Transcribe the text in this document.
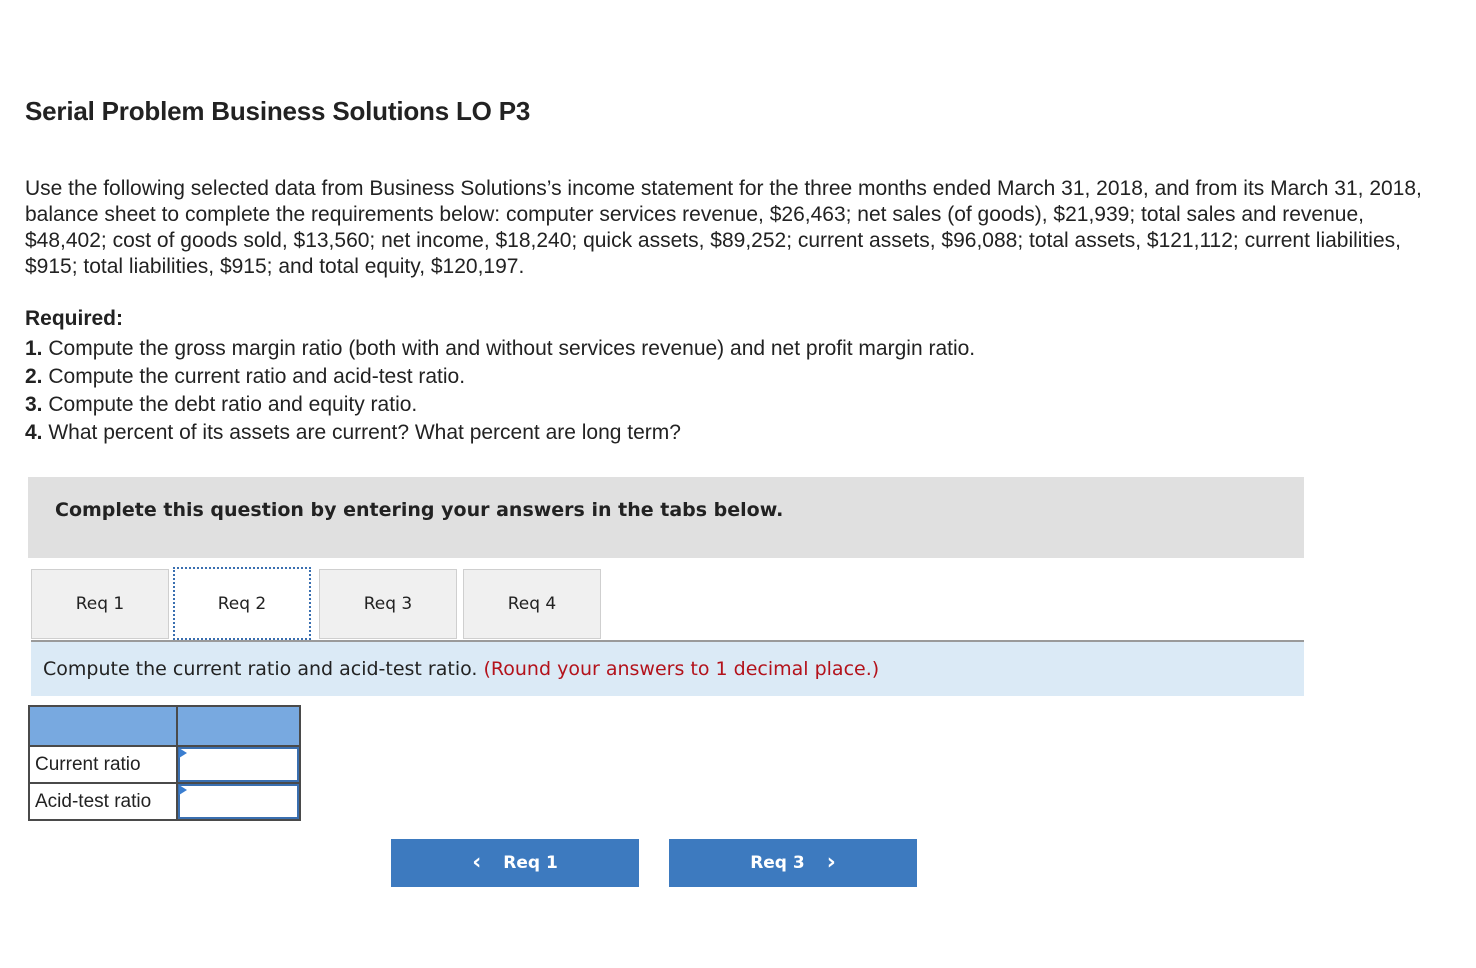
Serial Problem Business Solutions LO P3

Use the following selected data from Business Solutions’s income statement for the three months ended March 31, 2018, and from its March 31, 2018, balance sheet to complete the requirements below: computer services revenue, $26,463; net sales (of goods), $21,939; total sales and revenue, $48,402; cost of goods sold, $13,560; net income, $18,240; quick assets, $89,252; current assets, $96,088; total assets, $121,112; current liabilities, $915; total liabilities, $915; and total equity, $120,197.

Required:

1. Compute the gross margin ratio (both with and without services revenue) and net profit margin ratio.
2. Compute the current ratio and acid-test ratio.
3. Compute the debt ratio and equity ratio.
4. What percent of its assets are current? What percent are long term?

Complete this question by entering your answers in the tabs below.

Req 1	Req 2	Req 3	Req 4

Compute the current ratio and acid-test ratio. (Round your answers to 1 decimal place.)

Current ratio	

Acid-test ratio	
‹ Req 1	Req 3 ›
